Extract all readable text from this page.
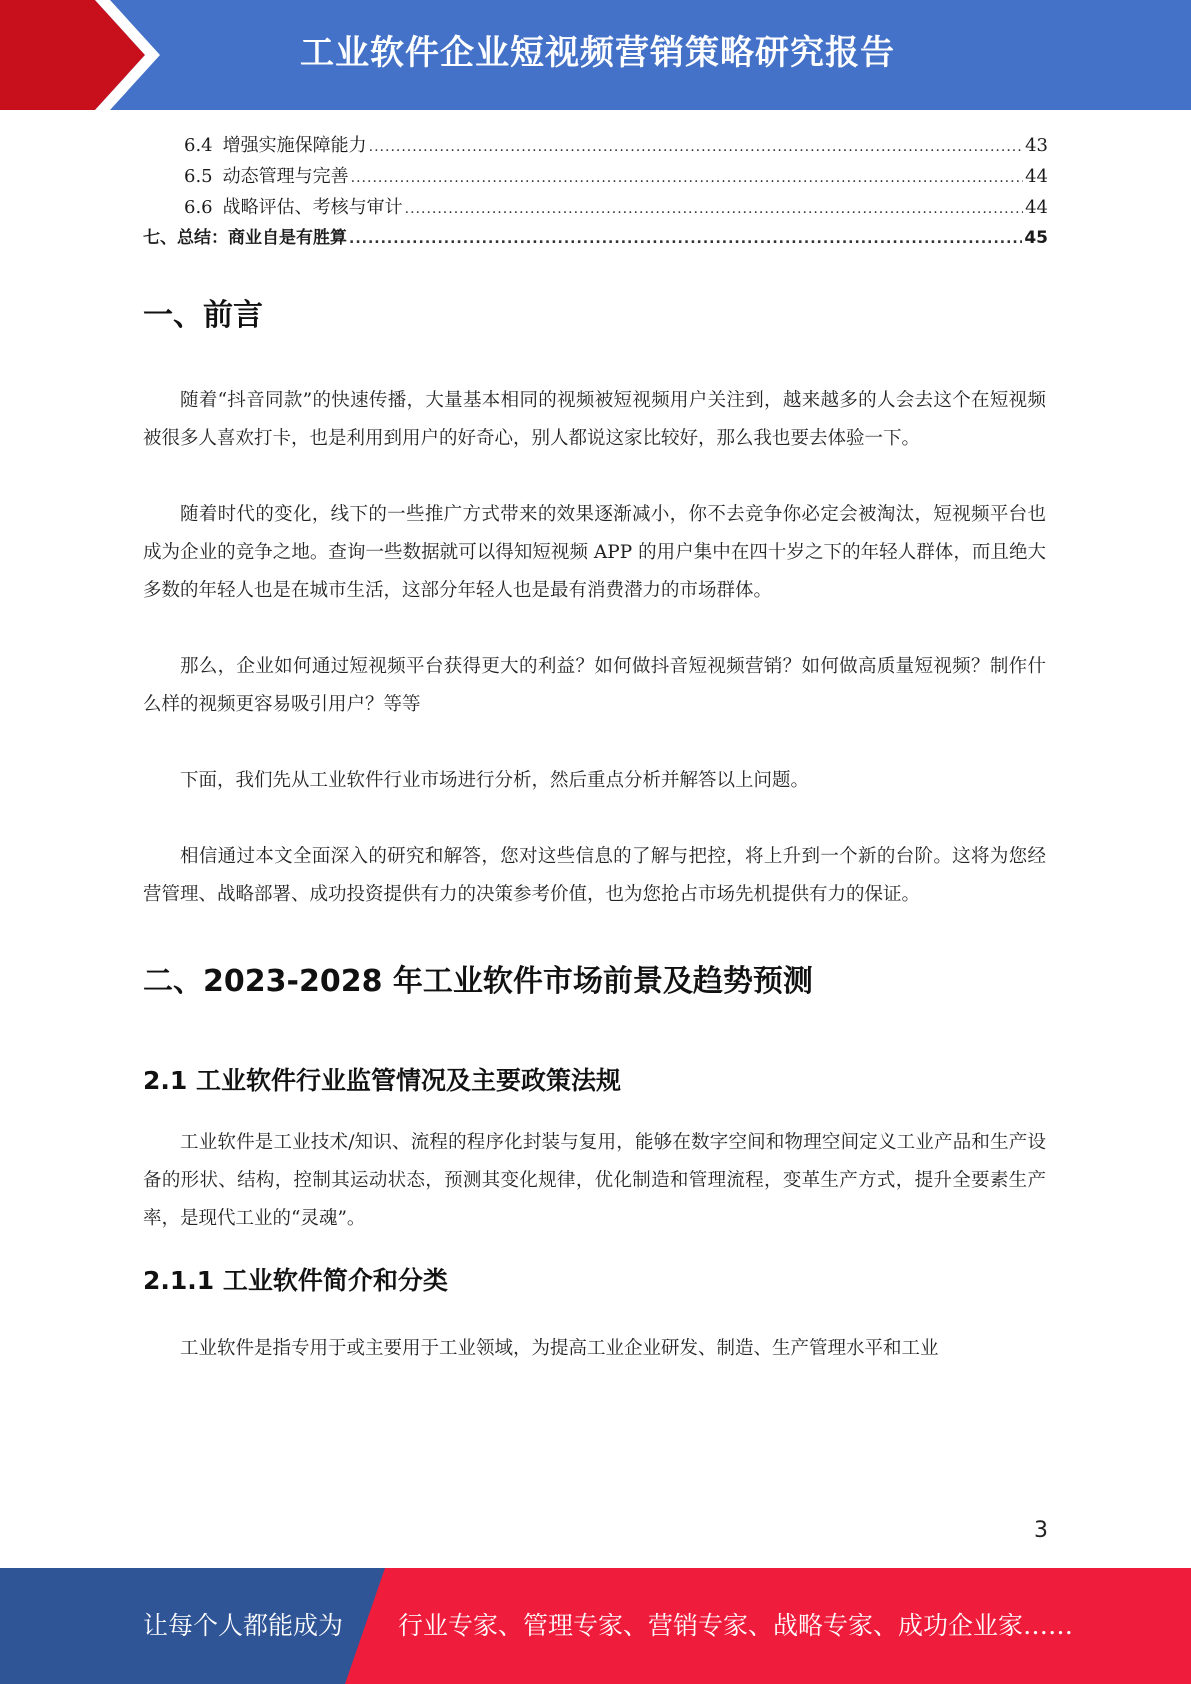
工业软件企业短视频营销策略研究报告
6.4 增强实施保障能力 .....	43
6.5 动态管理与完善 .....	44
6.6 战略评估、考核与审计 .....	44
七、 总结：商业自是有胜算 .....	45
一、前言

随着“抖音同款”的快速传播，大量基本相同的视频被短视频用户关注到，越来越多的人会去这个在短视频被很多人喜欢打卡，也是利用到用户的好奇心，别人都说这家比较好，那么我也要去体验一下。

随着时代的变化，线下的一些推广方式带来的效果逐渐减小，你不去竞争你必定会被淘汰，短视频平台也成为企业的竞争之地。查询一些数据就可以得知短视频 APP 的用户集中在四十岁之下的年轻人群体，而且绝大多数的年轻人也是在城市生活，这部分年轻人也是最有消费潜力的市场群体。

那么，企业如何通过短视频平台获得更大的利益？如何做抖音短视频营销？如何做高质量短视频？制作什么样的视频更容易吸引用户？等等

下面，我们先从工业软件行业市场进行分析，然后重点分析并解答以上问题。

相信通过本文全面深入的研究和解答，您对这些信息的了解与把控，将上升到一个新的台阶。这将为您经营管理、战略部署、成功投资提供有力的决策参考价值，也为您抢占市场先机提供有力的保证。

二、2023-2028 年工业软件市场前景及趋势预测
2.1 工业软件行业监管情况及主要政策法规

工业软件是工业技术/知识、流程的程序化封装与复用，能够在数字空间和物理空间定义工业产品和生产设备的形状、结构，控制其运动状态，预测其变化规律，优化制造和管理流程，变革生产方式，提升全要素生产率，是现代工业的“灵魂”。

2.1.1 工业软件简介和分类

工业软件是指专用于或主要用于工业领域，为提高工业企业研发、制造、生产管理水平和工业

3
让每个人都能成为 行业专家、管理专家、营销专家、战略专家、成功企业家……
